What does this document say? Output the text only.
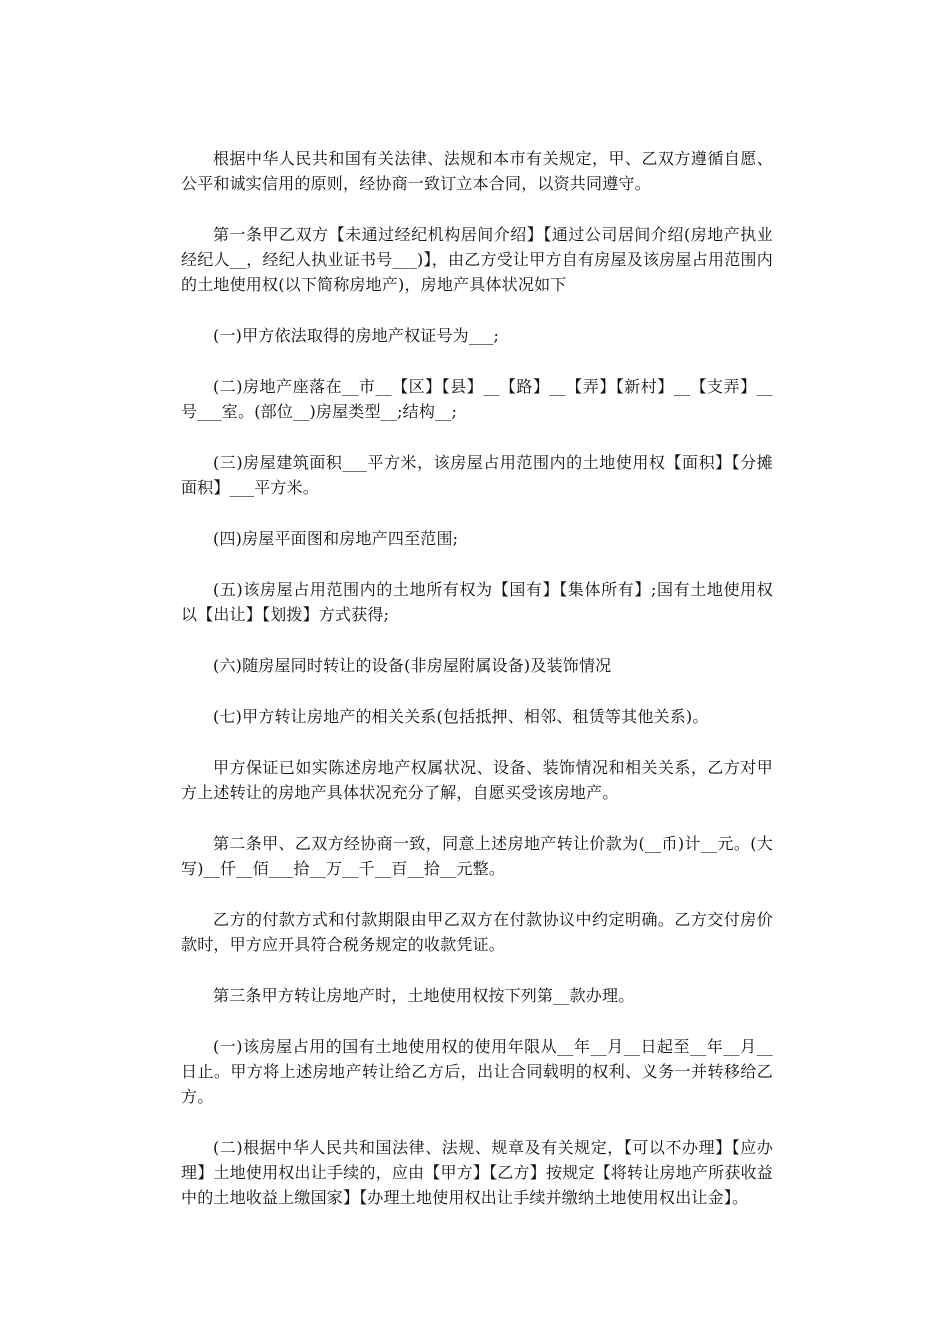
根据中华人民共和国有关法律、法规和本市有关规定，甲、乙双方遵循自愿、公平和诚实信用的原则，经协商一致订立本合同，以资共同遵守。

第一条甲乙双方【未通过经纪机构居间介绍】【通过公司居间介绍(房地产执业经纪人__，经纪人执业证书号___)】，由乙方受让甲方自有房屋及该房屋占用范围内的土地使用权(以下简称房地产)，房地产具体状况如下

(一)甲方依法取得的房地产权证号为___;

(二)房地产座落在__市__【区】【县】__【路】__【弄】【新村】__【支弄】__号___室。(部位__)房屋类型__;结构__;

(三)房屋建筑面积___平方米，该房屋占用范围内的土地使用权【面积】【分摊面积】___平方米。

(四)房屋平面图和房地产四至范围;

(五)该房屋占用范围内的土地所有权为【国有】【集体所有】;国有土地使用权以【出让】【划拨】方式获得;

(六)随房屋同时转让的设备(非房屋附属设备)及装饰情况

(七)甲方转让房地产的相关关系(包括抵押、相邻、租赁等其他关系)。

甲方保证已如实陈述房地产权属状况、设备、装饰情况和相关关系，乙方对甲方上述转让的房地产具体状况充分了解，自愿买受该房地产。

第二条甲、乙双方经协商一致，同意上述房地产转让价款为(__币)计__元。(大写)__仟__佰___拾__万__千__百__拾__元整。

乙方的付款方式和付款期限由甲乙双方在付款协议中约定明确。乙方交付房价款时，甲方应开具符合税务规定的收款凭证。

第三条甲方转让房地产时，土地使用权按下列第__款办理。

(一)该房屋占用的国有土地使用权的使用年限从__年__月__日起至__年__月__日止。甲方将上述房地产转让给乙方后，出让合同载明的权利、义务一并转移给乙方。

(二)根据中华人民共和国法律、法规、规章及有关规定，【可以不办理】【应办理】土地使用权出让手续的，应由【甲方】【乙方】按规定【将转让房地产所获收益中的土地收益上缴国家】【办理土地使用权出让手续并缴纳土地使用权出让金】。
